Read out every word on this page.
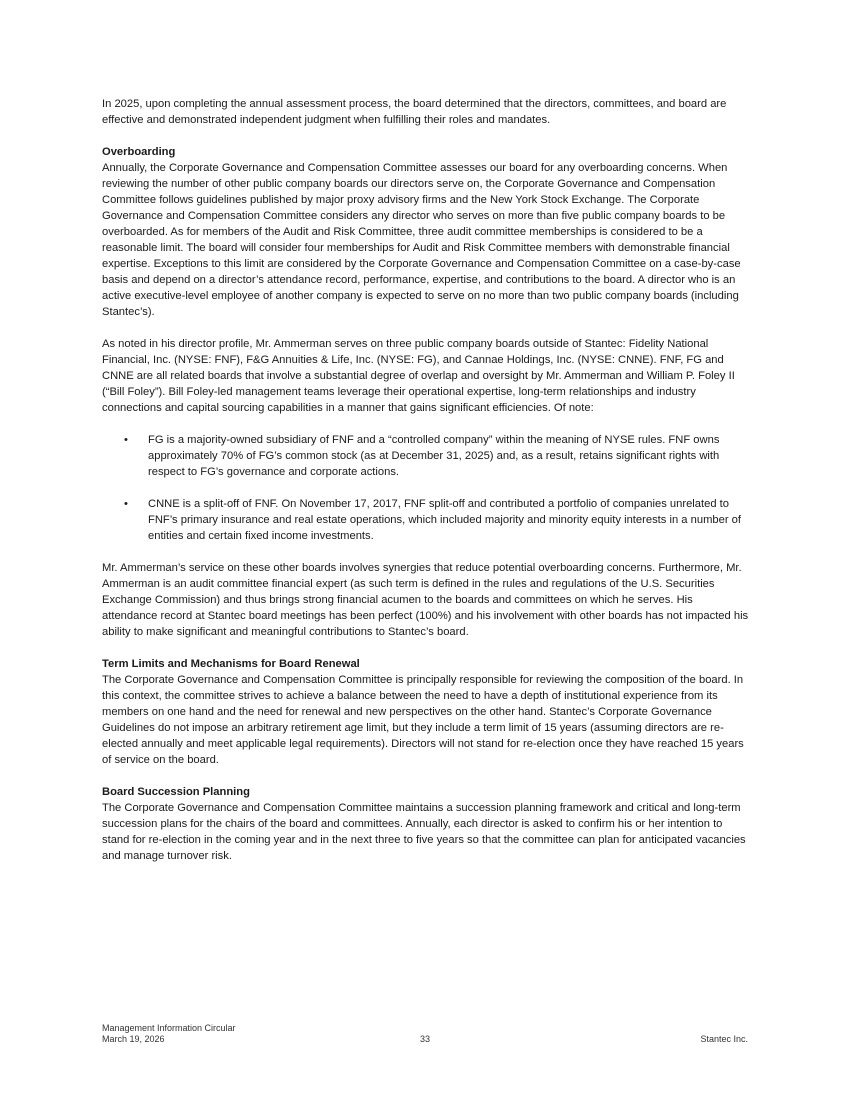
In 2025, upon completing the annual assessment process, the board determined that the directors, committees, and board are effective and demonstrated independent judgment when fulfilling their roles and mandates.

Overboarding

Annually, the Corporate Governance and Compensation Committee assesses our board for any overboarding concerns. When reviewing the number of other public company boards our directors serve on, the Corporate Governance and Compensation Committee follows guidelines published by major proxy advisory firms and the New York Stock Exchange. The Corporate Governance and Compensation Committee considers any director who serves on more than five public company boards to be overboarded. As for members of the Audit and Risk Committee, three audit committee memberships is considered to be a reasonable limit. The board will consider four memberships for Audit and Risk Committee members with demonstrable financial expertise. Exceptions to this limit are considered by the Corporate Governance and Compensation Committee on a case-by-case basis and depend on a director’s attendance record, performance, expertise, and contributions to the board. A director who is an active executive-level employee of another company is expected to serve on no more than two public company boards (including Stantec’s).

As noted in his director profile, Mr. Ammerman serves on three public company boards outside of Stantec: Fidelity National Financial, Inc. (NYSE: FNF), F&G Annuities & Life, Inc. (NYSE: FG), and Cannae Holdings, Inc. (NYSE: CNNE). FNF, FG and CNNE are all related boards that involve a substantial degree of overlap and oversight by Mr. Ammerman and William P. Foley II (“Bill Foley”). Bill Foley-led management teams leverage their operational expertise, long-term relationships and industry connections and capital sourcing capabilities in a manner that gains significant efficiencies. Of note:

• FG is a majority-owned subsidiary of FNF and a “controlled company” within the meaning of NYSE rules. FNF owns approximately 70% of FG’s common stock (as at December 31, 2025) and, as a result, retains significant rights with respect to FG’s governance and corporate actions.
• CNNE is a split-off of FNF. On November 17, 2017, FNF split-off and contributed a portfolio of companies unrelated to FNF’s primary insurance and real estate operations, which included majority and minority equity interests in a number of entities and certain fixed income investments.

Mr. Ammerman’s service on these other boards involves synergies that reduce potential overboarding concerns. Furthermore, Mr. Ammerman is an audit committee financial expert (as such term is defined in the rules and regulations of the U.S. Securities Exchange Commission) and thus brings strong financial acumen to the boards and committees on which he serves. His attendance record at Stantec board meetings has been perfect (100%) and his involvement with other boards has not impacted his ability to make significant and meaningful contributions to Stantec’s board.

Term Limits and Mechanisms for Board Renewal

The Corporate Governance and Compensation Committee is principally responsible for reviewing the composition of the board. In this context, the committee strives to achieve a balance between the need to have a depth of institutional experience from its members on one hand and the need for renewal and new perspectives on the other hand. Stantec’s Corporate Governance Guidelines do not impose an arbitrary retirement age limit, but they include a term limit of 15 years (assuming directors are re-elected annually and meet applicable legal requirements). Directors will not stand for re-election once they have reached 15 years of service on the board.

Board Succession Planning

The Corporate Governance and Compensation Committee maintains a succession planning framework and critical and long-term succession plans for the chairs of the board and committees. Annually, each director is asked to confirm his or her intention to stand for re-election in the coming year and in the next three to five years so that the committee can plan for anticipated vacancies and manage turnover risk.

Management Information Circular
March 19, 2026	33	Stantec Inc.
